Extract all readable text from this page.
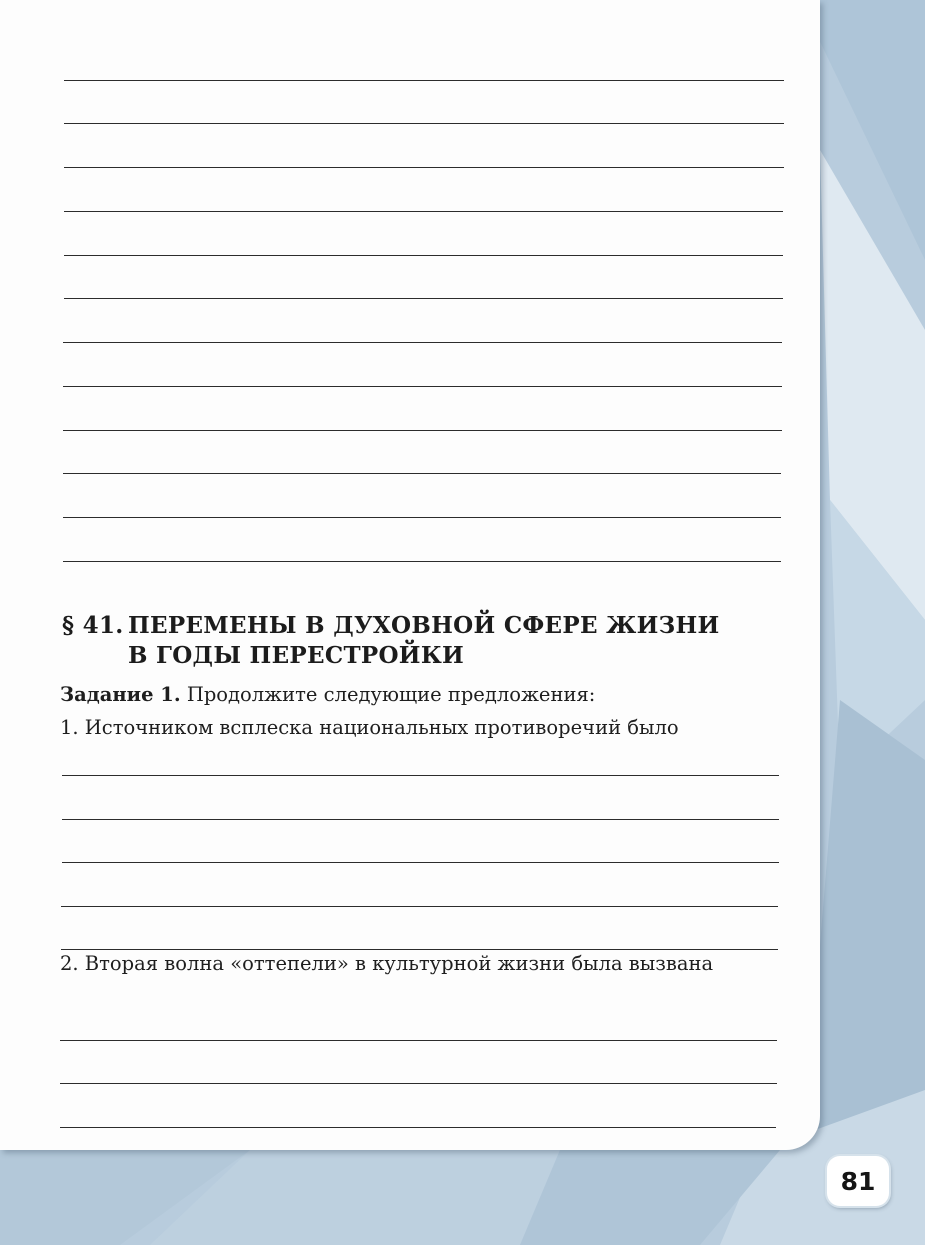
§ 41. ПЕРЕМЕНЫ В ДУХОВНОЙ СФЕРЕ ЖИЗНИ
В ГОДЫ ПЕРЕСТРОЙКИ
Задание 1. Продолжите следующие предложения:
1. Источником всплеска национальных противоречий было
2. Вторая волна «оттепели» в культурной жизни была вызвана
81
